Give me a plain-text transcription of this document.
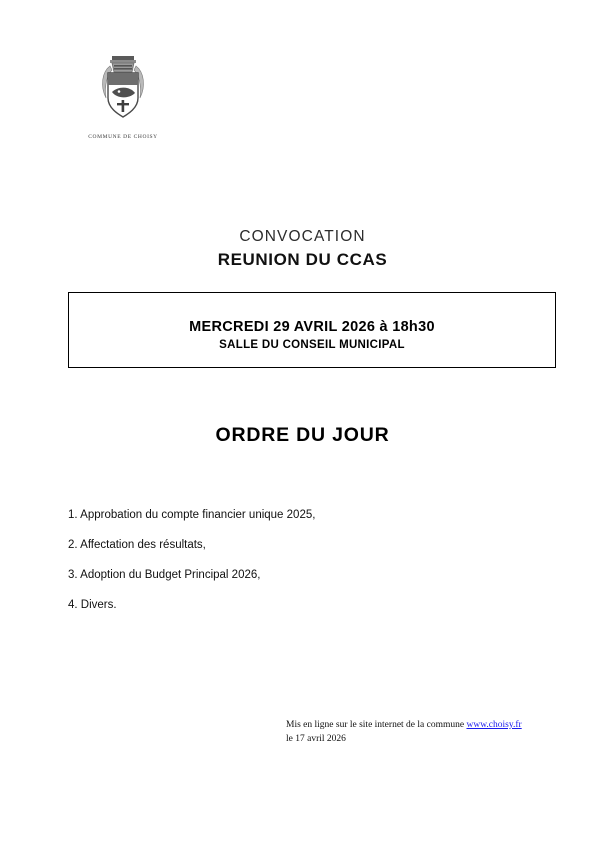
COMMUNE DE CHOISY
CONVOCATION
REUNION DU CCAS
MERCREDI 29 AVRIL 2026 à 18h30
SALLE DU CONSEIL MUNICIPAL
ORDRE DU JOUR
1. Approbation du compte financier unique 2025,
2. Affectation des résultats,
3. Adoption du Budget Principal 2026,
4. Divers.
Mis en ligne sur le site internet de la commune www.choisy.fr
le 17 avril 2026
